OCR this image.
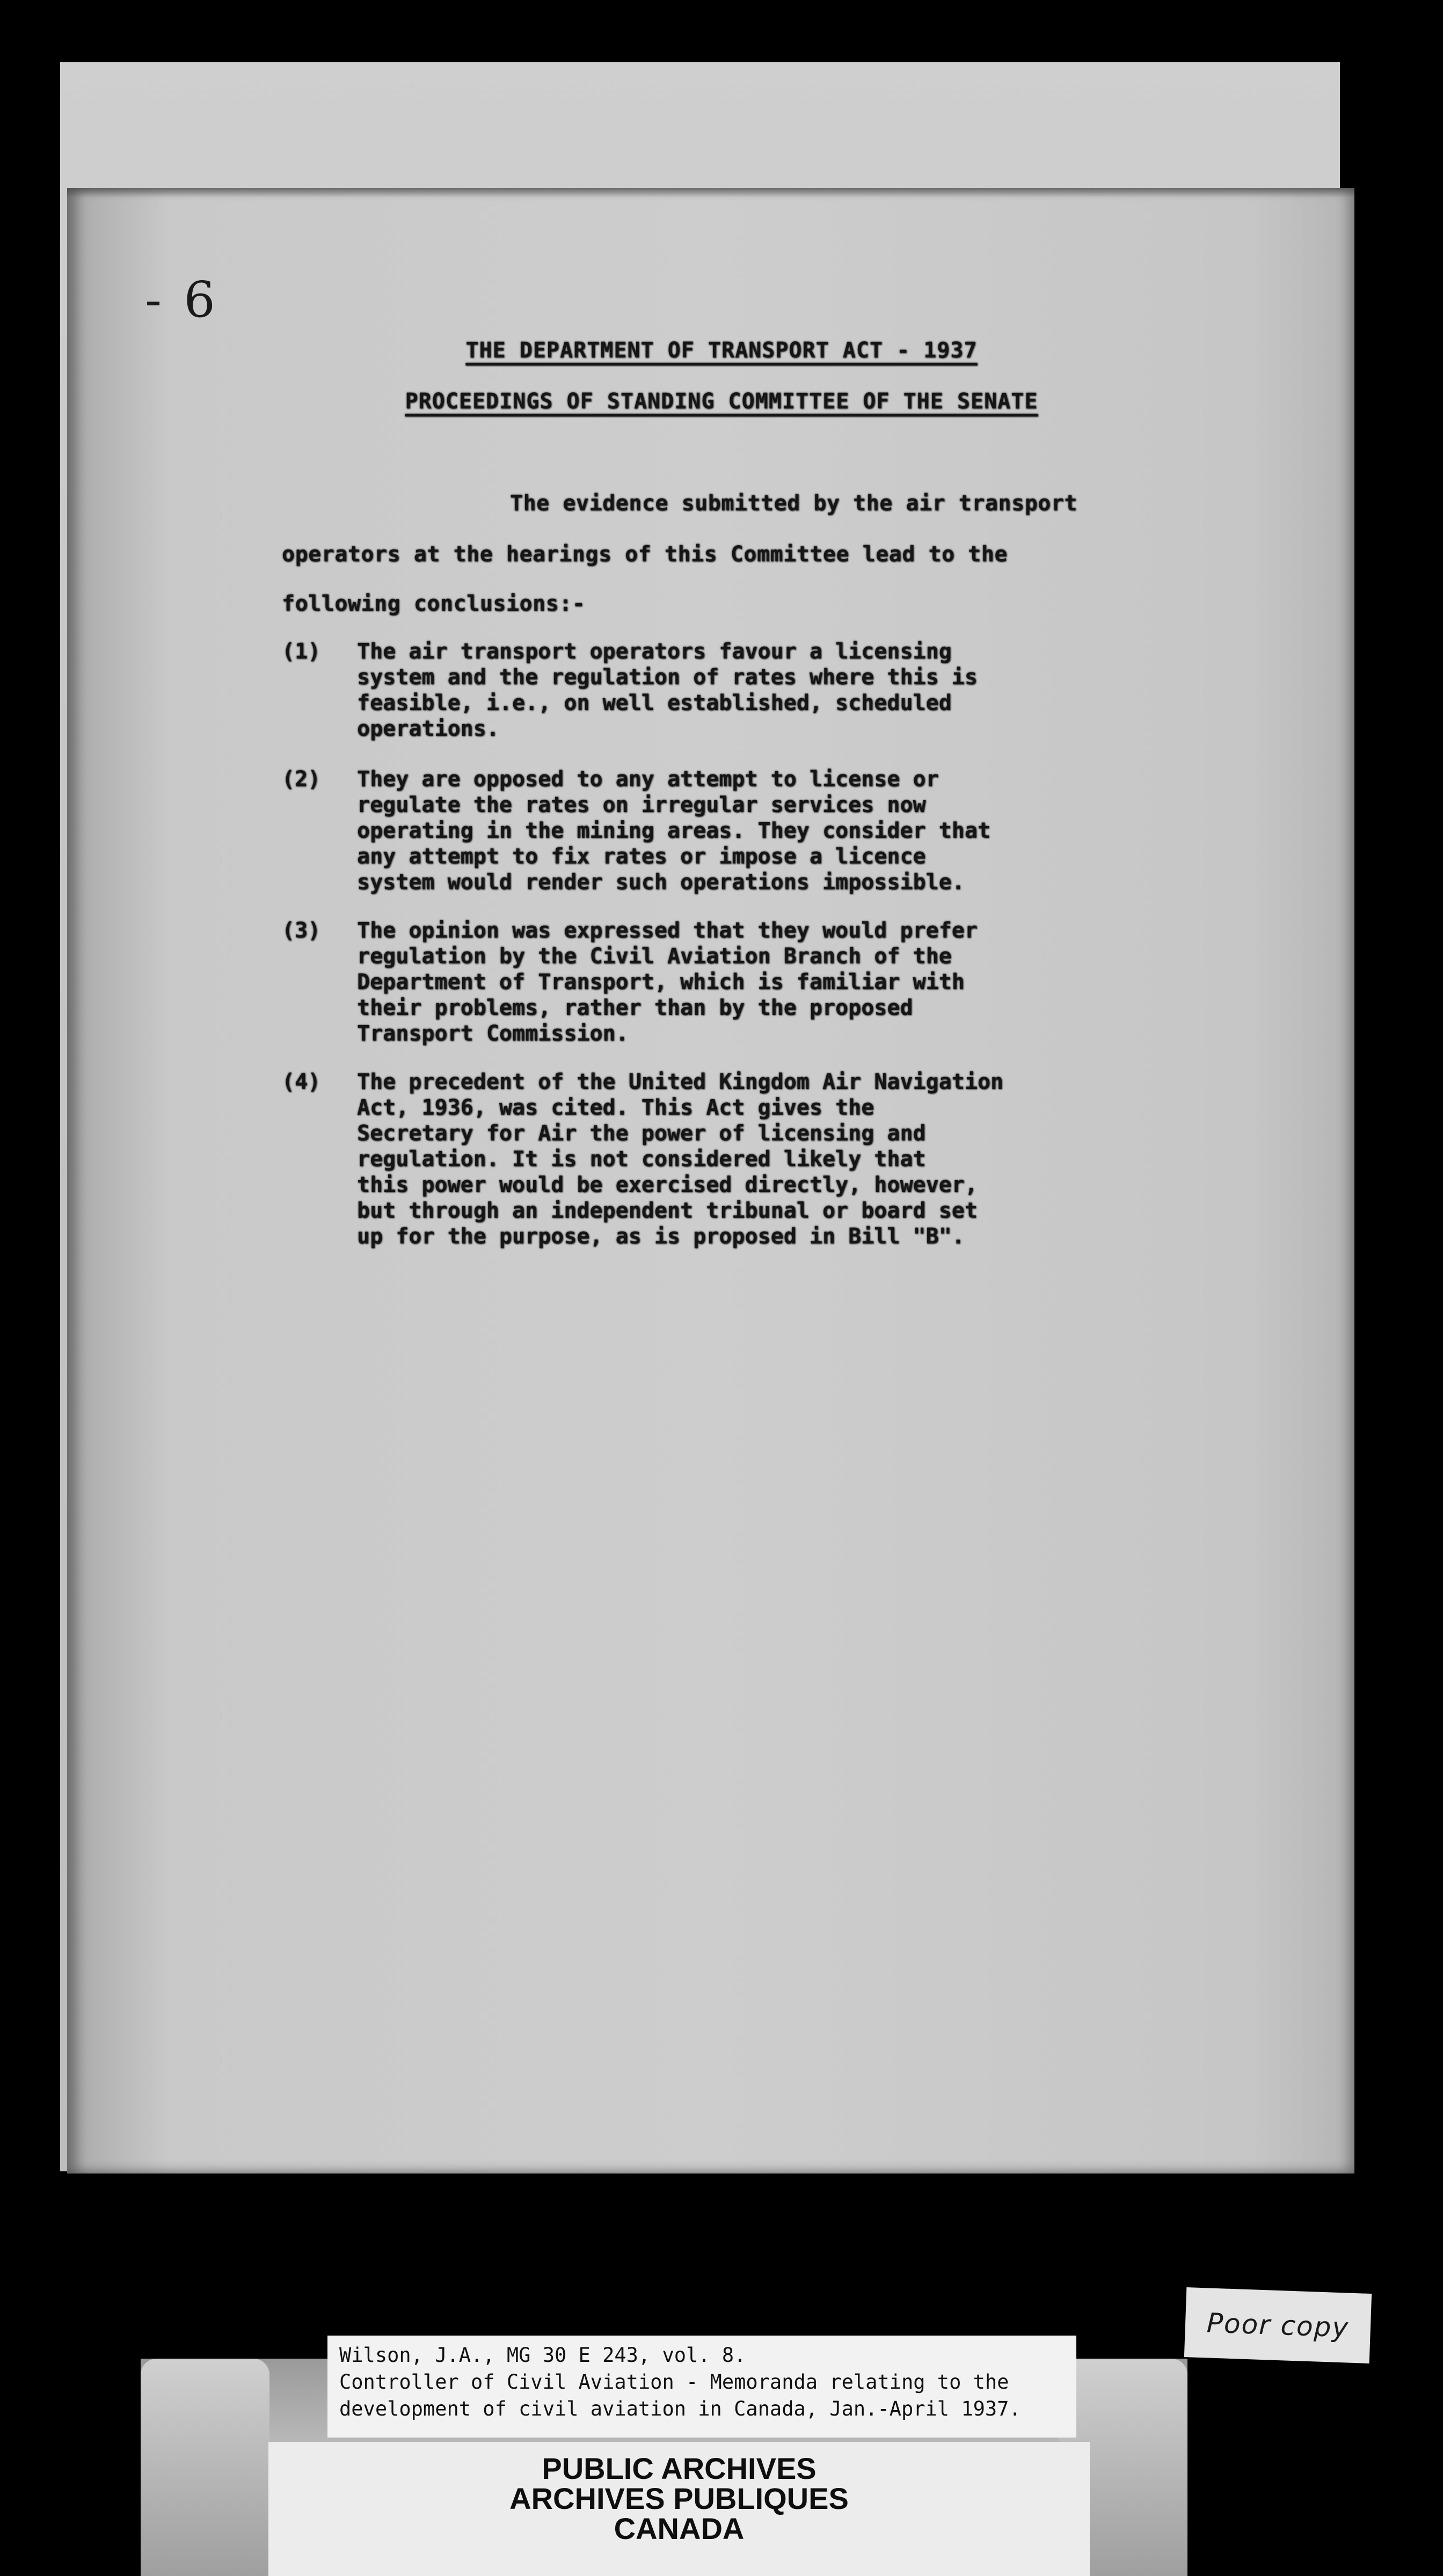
- 6
THE DEPARTMENT OF TRANSPORT ACT - 1937
PROCEEDINGS OF STANDING COMMITTEE OF THE SENATE
The evidence submitted by the air transport
operators at the hearings of this Committee lead to the
following conclusions:-
(1)	The air transport operators favour a licensing
system and the regulation of rates where this is
feasible, i.e., on well established, scheduled
operations.
(2)	They are opposed to any attempt to license or
regulate the rates on irregular services now
operating in the mining areas. They consider that
any attempt to fix rates or impose a licence
system would render such operations impossible.
(3)	The opinion was expressed that they would prefer
regulation by the Civil Aviation Branch of the
Department of Transport, which is familiar with
their problems, rather than by the proposed
Transport Commission.
(4)	The precedent of the United Kingdom Air Navigation
Act, 1936, was cited. This Act gives the
Secretary for Air the power of licensing and
regulation. It is not considered likely that
this power would be exercised directly, however,
but through an independent tribunal or board set
up for the purpose, as is proposed in Bill "B".
Poor copy
Wilson, J.A., MG 30 E 243, vol. 8.
Controller of Civil Aviation - Memoranda relating to the
development of civil aviation in Canada, Jan.-April 1937.
PUBLIC ARCHIVES
ARCHIVES PUBLIQUES
CANADA
